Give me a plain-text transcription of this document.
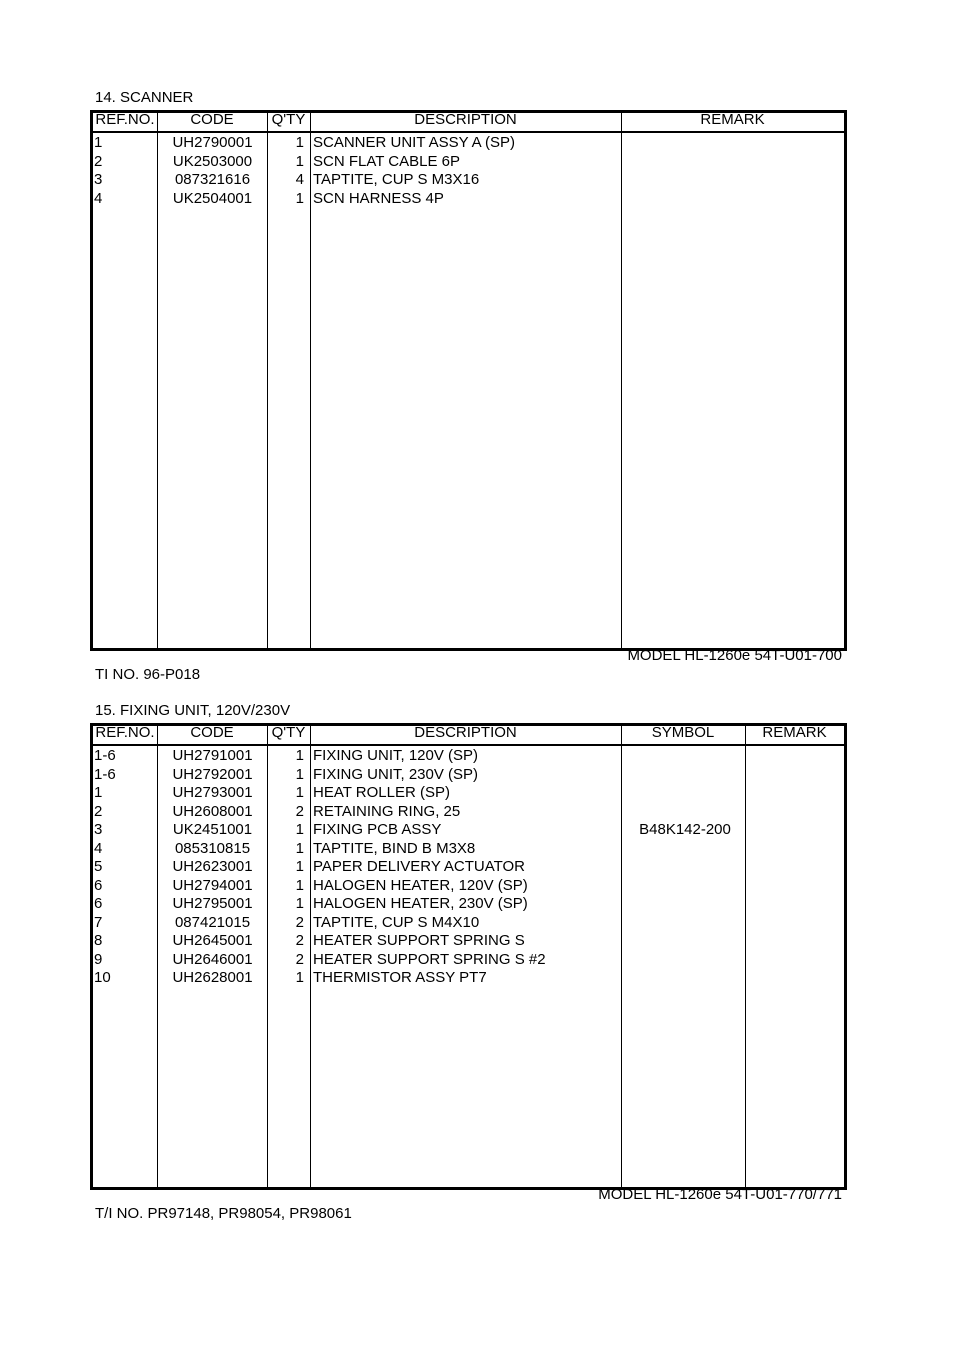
14. SCANNER
REF.NO.	CODE	Q'TY	DESCRIPTION	REMARK
1	UH2790001	1 SCANNER UNIT ASSY A (SP)
2	UK2503000	1 SCN FLAT CABLE 6P
3	087321616	4 TAPTITE, CUP S M3X16
4	UK2504001	1 SCN HARNESS 4P
MODEL HL-1260e 54T-U01-700
TI NO. 96-P018
15. FIXING UNIT, 120V/230V
REF.NO.	CODE	Q'TY	DESCRIPTION	SYMBOL	REMARK
1-6	UH2791001	1 FIXING UNIT, 120V (SP)
1-6	UH2792001	1 FIXING UNIT, 230V (SP)
1	UH2793001	1 HEAT ROLLER (SP)
2	UH2608001	2 RETAINING RING, 25
3	UK2451001	1 FIXING PCB ASSY	B48K142-200
4	085310815	1 TAPTITE, BIND B M3X8
5	UH2623001	1 PAPER DELIVERY ACTUATOR
6	UH2794001	1 HALOGEN HEATER, 120V (SP)
6	UH2795001	1 HALOGEN HEATER, 230V (SP)
7	087421015	2 TAPTITE, CUP S M4X10
8	UH2645001	2 HEATER SUPPORT SPRING S
9	UH2646001	2 HEATER SUPPORT SPRING S #2
10	UH2628001	1 THERMISTOR ASSY PT7
MODEL HL-1260e 54T-U01-770/771
T/I NO. PR97148, PR98054, PR98061
